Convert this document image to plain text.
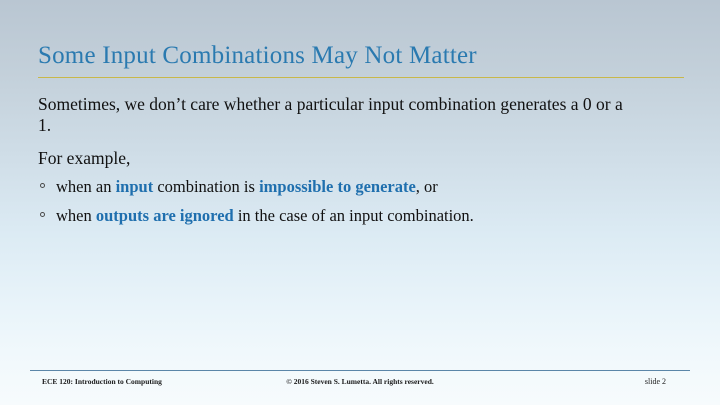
Some Input Combinations May Not Matter

Sometimes, we don’t care whether a particular input combination generates a 0 or a 1.

For example,

when an input combination is impossible to generate, or
when outputs are ignored in the case of an input combination.
ECE 120: Introduction to Computing	© 2016 Steven S. Lumetta. All rights reserved.	slide 2
